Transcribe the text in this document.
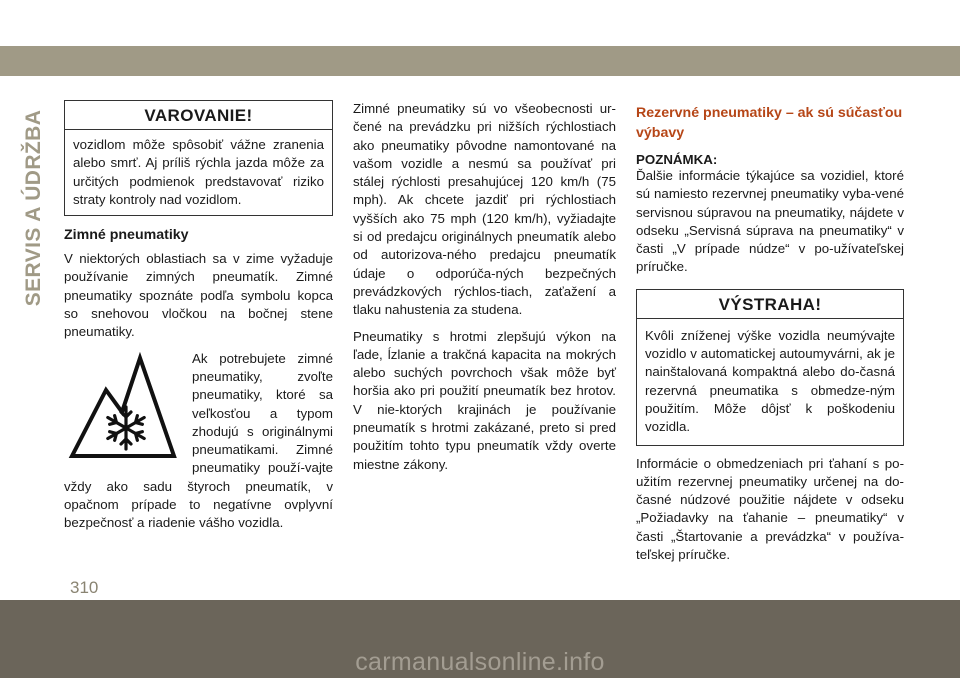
SERVIS A ÚDRŽBA	VAROVANIE!
vozidlom môže spôsobiť vážne zranenia alebo smrť. Aj príliš rýchla jazda môže za určitých podmienok predstavovať riziko straty kontroly nad vozidlom.
Zimné pneumatiky

V niektorých oblastiach sa v zime vyžaduje používanie zimných pneumatík. Zimné pneumatiky spoznáte podľa symbolu kopca so snehovou vločkou na bočnej stene pneumatiky.

Ak potrebujete zimné pneumatiky, zvoľte pneumatiky, ktoré sa veľkosťou a typom zhodujú s originálnymi pneumatikami. Zimné pneumatiky použí-vajte vždy ako sadu štyroch pneumatík, v opačnom prípade to negatívne ovplyvní bezpečnosť a riadenie vášho vozidla.

Zimné pneumatiky sú vo všeobecnosti ur-čené na prevádzku pri nižších rýchlostiach ako pneumatiky pôvodne namontované na vašom vozidle a nesmú sa používať pri stálej rýchlosti presahujúcej 120 km/h (75 mph). Ak chcete jazdiť pri rýchlostiach vyšších ako 75 mph (120 km/h), vyžiadajte si od predajcu originálnych pneumatík alebo od autorizova-ného predajcu pneumatík údaje o odporúča-ných bezpečných prevádzkových rýchlos-tiach, zaťažení a tlaku nahustenia za studena.

Pneumatiky s hrotmi zlepšujú výkon na ľade, ĺzlanie a trakčná kapacita na mokrých alebo suchých povrchoch však môže byť horšia ako pri použití pneumatík bez hrotov. V nie-ktorých krajinách je používanie pneumatík s hrotmi zakázané, preto si pred použitím tohto typu pneumatík vždy overte miestne zákony.

Rezervné pneumatiky – ak sú súčasťou výbavy
POZNÁMKA:

Ďalšie informácie týkajúce sa vozidiel, ktoré sú namiesto rezervnej pneumatiky vyba-vené servisnou súpravou na pneumatiky, nájdete v odseku „Servisná súprava na pneumatiky“ v časti „V prípade núdze“ v po-užívateľskej príručke.

VÝSTRAHA!
Kvôli zníženej výške vozidla neumývajte vozidlo v automatickej autoumyvárni, ak je nainštalovaná kompaktná alebo do-časná rezervná pneumatika s obmedze-ným použitím. Môže dôjsť k poškodeniu vozidla.

Informácie o obmedzeniach pri ťahaní s po-užitím rezervnej pneumatiky určenej na do-časné núdzové použitie nájdete v odseku „Požiadavky na ťahanie – pneumatiky“ v časti „Štartovanie a prevádzka“ v používa-teľskej príručke.

310
carmanualsonline.info
